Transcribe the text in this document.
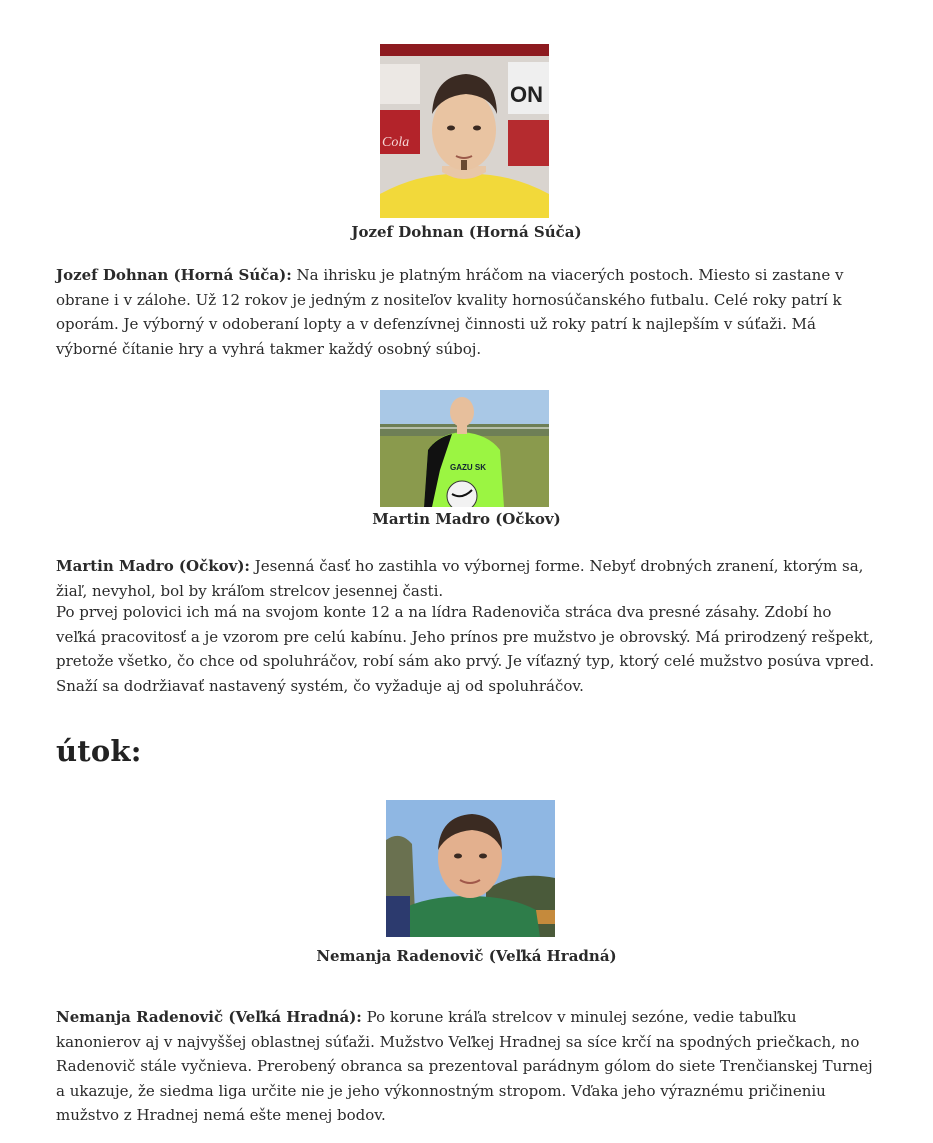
ON
Cola
Jozef Dohnan (Horná Súča)
Jozef Dohnan (Horná Súča): Na ihrisku je platným hráčom na viacerých postoch. Miesto si zastane v obrane i v zálohe. Už 12 rokov je jedným z nositeľov kvality hornosúčanského futbalu. Celé roky patrí k oporám. Je výborný v odoberaní lopty a v defenzívnej činnosti už roky patrí k najlepším v súťaži. Má výborné čítanie hry a vyhrá takmer každý osobný súboj.
GAZU SK
Martin Madro (Očkov)
Martin Madro (Očkov): Jesenná časť ho zastihla vo výbornej forme. Nebyť drobných zranení, ktorým sa, žiaľ, nevyhol, bol by kráľom strelcov jesennej časti.
Po prvej polovici ich má na svojom konte 12 a na lídra Radenoviča stráca dva presné zásahy. Zdobí ho veľká pracovitosť a je vzorom pre celú kabínu. Jeho prínos pre mužstvo je obrovský. Má prirodzený rešpekt, pretože všetko, čo chce od spoluhráčov, robí sám ako prvý. Je víťazný typ, ktorý celé mužstvo posúva vpred. Snaží sa dodržiavať nastavený systém, čo vyžaduje aj od spoluhráčov.
útok:
Nemanja Radenovič (Veľká Hradná)
Nemanja Radenovič (Veľká Hradná): Po korune kráľa strelcov v minulej sezóne, vedie tabuľku kanonierov aj v najvyššej oblastnej súťaži. Mužstvo Veľkej Hradnej sa síce krčí na spodných priečkach, no Radenovič stále vyčnieva. Prerobený obranca sa prezentoval parádnym gólom do siete Trenčianskej Turnej a ukazuje, že siedma liga určite nie je jeho výkonnostným stropom. Vďaka jeho výraznému pričineniu mužstvo z Hradnej nemá ešte menej bodov.
